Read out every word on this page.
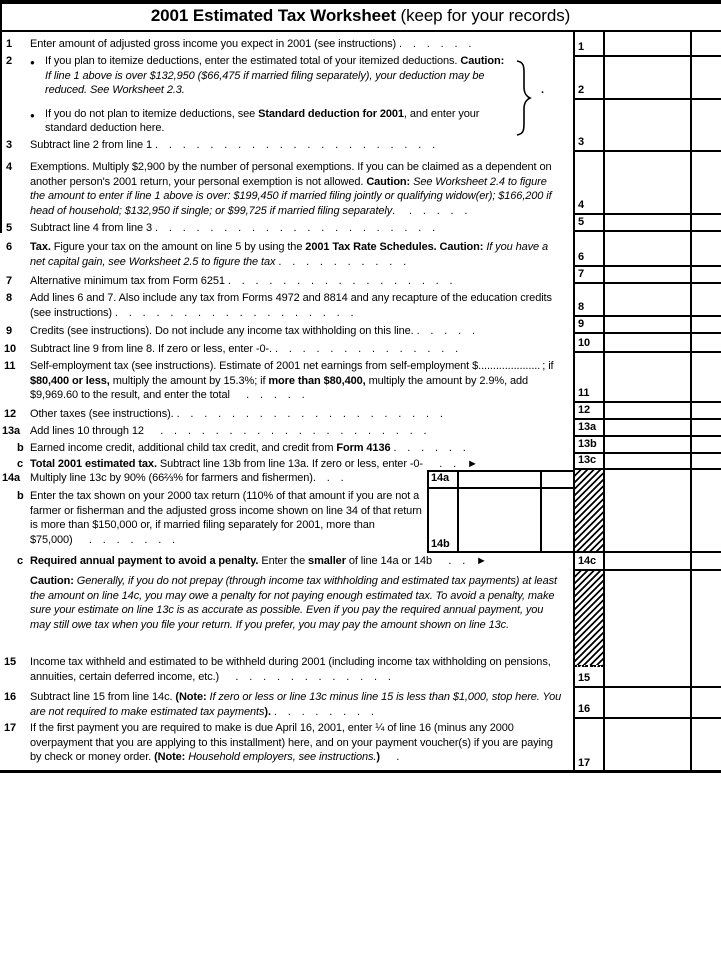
2001 Estimated Tax Worksheet (keep for your records)
1 Enter amount of adjusted gross income you expect in 2001 (see instructions) . . . . . .
2 ● If you plan to itemize deductions, enter the estimated total of your itemized deductions. Caution: If line 1 above is over $132,950 ($66,475 if married filing separately), your deduction may be reduced. See Worksheet 2.3.
● If you do not plan to itemize deductions, see Standard deduction for 2001, and enter your standard deduction here.
3 Subtract line 2 from line 1 . . . . . . . . . . . . . . . . . . . . .
4 Exemptions. Multiply $2,900 by the number of personal exemptions. If you can be claimed as a dependent on another person's 2001 return, your personal exemption is not allowed. Caution: See Worksheet 2.4 to figure the amount to enter if line 1 above is over: $199,450 if married filing jointly or qualifying widow(er); $166,200 if head of household; $132,950 if single; or $99,725 if married filing separately.  . . . . .
5 Subtract line 4 from line 3 . . . . . . . . . . . . . . . . . . . . .
6 Tax. Figure your tax on the amount on line 5 by using the 2001 Tax Rate Schedules. Caution: If you have a net capital gain, see Worksheet 2.5 to figure the tax . . . . . . . . . .
7 Alternative minimum tax from Form 6251 . . . . . . . . . . . . . . . . .
8 Add lines 6 and 7. Also include any tax from Forms 4972 and 8814 and any recapture of the education credits (see instructions) . . . . . . . . . . . . . . . . . .
9 Credits (see instructions). Do not include any income tax withholding on this line. . . . . .
10 Subtract line 9 from line 8. If zero or less, enter -0-. . . . . . . . . . . . . . .
11 Self-employment tax (see instructions). Estimate of 2001 net earnings from self-employment $..................... ; if $80,400 or less, multiply the amount by 15.3%; if more than $80,400, multiply the amount by 2.9%, add $9,969.60 to the result, and enter the total  . . . . .
12 Other taxes (see instructions). . . . . . . . . . . . . . . . . . . . .
13a Add lines 10 through 12  . . . . . . . . . . . . . . . . . . . .
b Earned income credit, additional child tax credit, and credit from Form 4136 . . . . . .
c Total 2001 estimated tax. Subtract line 13b from line 13a. If zero or less, enter -0-  . . ►
14a Multiply line 13c by 90% (66⅔% for farmers and fishermen). . .
b Enter the tax shown on your 2000 tax return (110% of that amount if you are not a farmer or fisherman and the adjusted gross income shown on line 34 of that return is more than $150,000 or, if married filing separately for 2001, more than $75,000)  . . . . . . .
c Required annual payment to avoid a penalty. Enter the smaller of line 14a or 14b  . . ►
Caution: Generally, if you do not prepay (through income tax withholding and estimated tax payments) at least the amount on line 14c, you may owe a penalty for not paying enough estimated tax. To avoid a penalty, make sure your estimate on line 13c is as accurate as possible. Even if you pay the required annual payment, you may still owe tax when you file your return. If you prefer, you may pay the amount shown on line 13c.
15 Income tax withheld and estimated to be withheld during 2001 (including income tax withholding on pensions, annuities, certain deferred income, etc.)  . . . . . . . . . . . .
16 Subtract line 15 from line 14c. (Note: If zero or less or line 13c minus line 15 is less than $1,000, stop here. You are not required to make estimated tax payments). . . . . . . . .
17 If the first payment you are required to make is due April 16, 2001, enter ¼ of line 16 (minus any 2000 overpayment that you are applying to this installment) here, and on your payment voucher(s) if you are paying by check or money order. (Note: Household employers, see instructions.)  .
.
1
2
3
4
5
6
7
8
9
10
11
12
13a
13b
13c
14c
15
16
17
14a
14b
